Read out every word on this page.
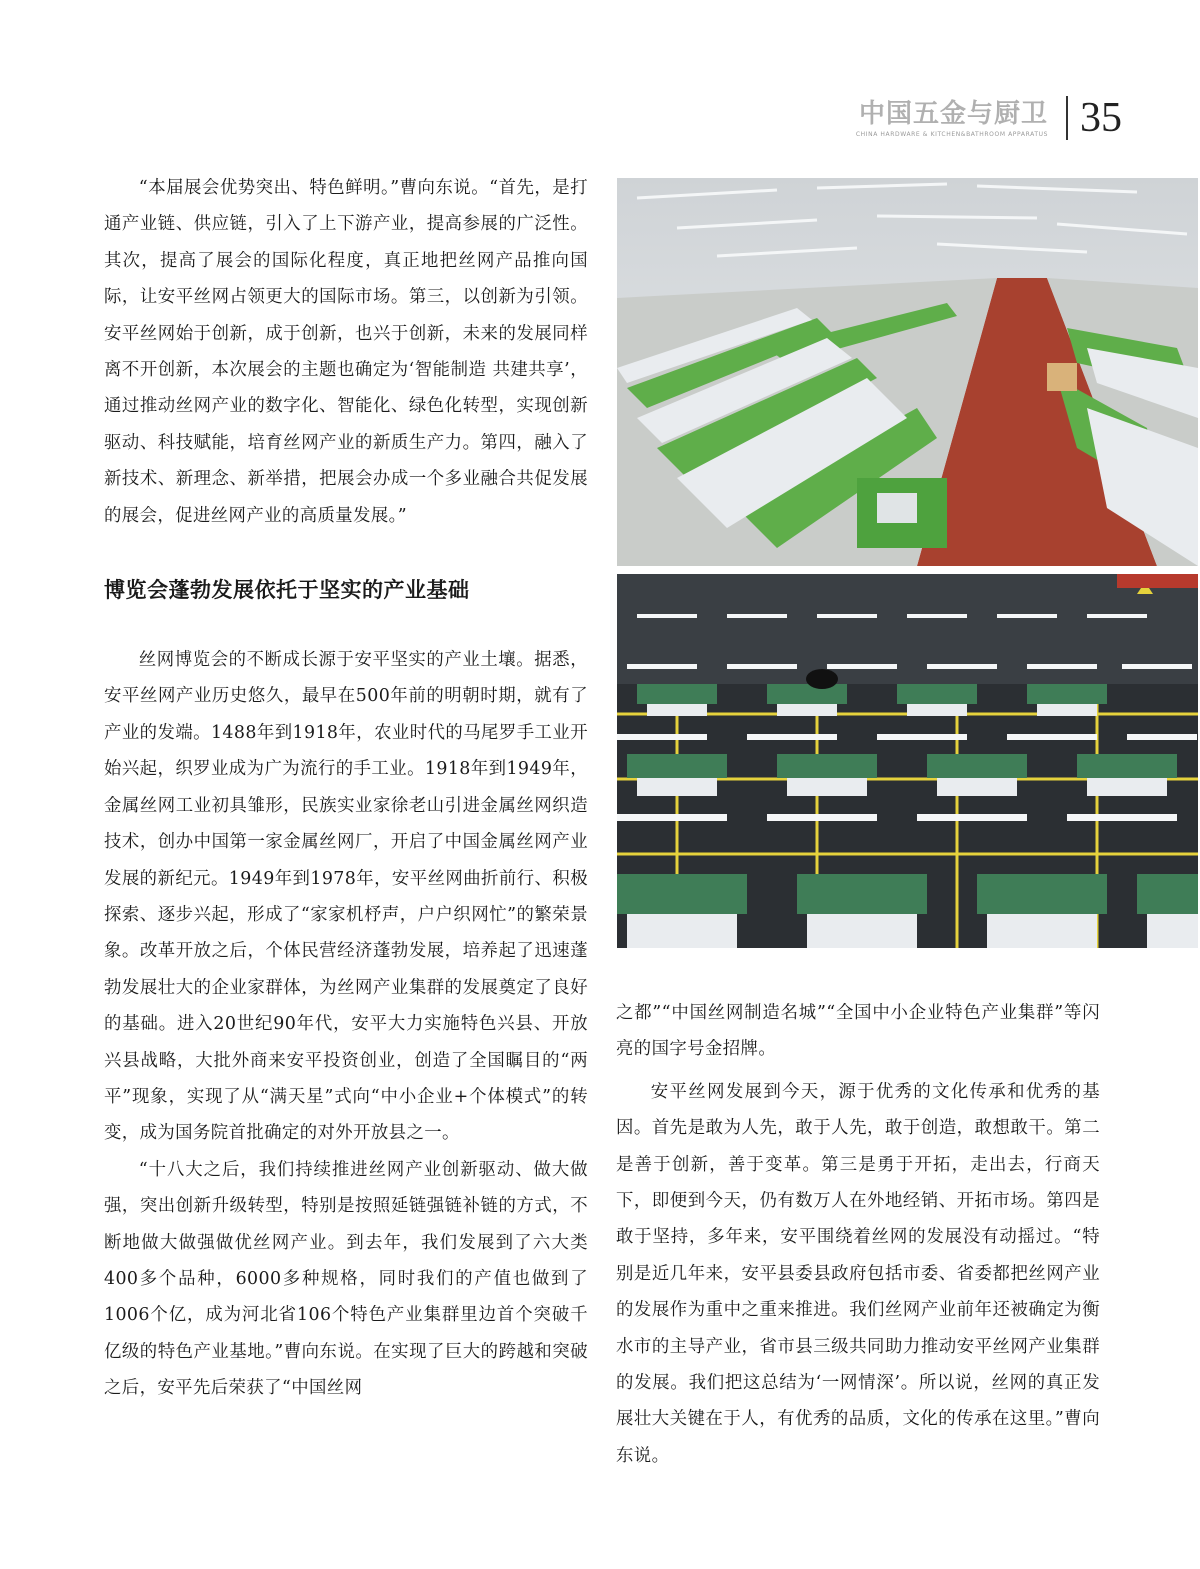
中国五金与厨卫
CHINA HARDWARE & KITCHEN&BATHROOM APPARATUS 35

“本届展会优势突出、特色鲜明。”曹向东说。“首先，是打通产业链、供应链，引入了上下游产业，提高参展的广泛性。其次，提高了展会的国际化程度，真正地把丝网产品推向国际，让安平丝网占领更大的国际市场。第三，以创新为引领。安平丝网始于创新，成于创新，也兴于创新，未来的发展同样离不开创新，本次展会的主题也确定为‘智能制造 共建共享’，通过推动丝网产业的数字化、智能化、绿色化转型，实现创新驱动、科技赋能，培育丝网产业的新质生产力。第四，融入了新技术、新理念、新举措，把展会办成一个多业融合共促发展的展会，促进丝网产业的高质量发展。”

博览会蓬勃发展依托于坚实的产业基础

丝网博览会的不断成长源于安平坚实的产业土壤。据悉，安平丝网产业历史悠久，最早在500年前的明朝时期，就有了产业的发端。1488年到1918年，农业时代的马尾罗手工业开始兴起，织罗业成为广为流行的手工业。1918年到1949年，金属丝网工业初具雏形，民族实业家徐老山引进金属丝网织造技术，创办中国第一家金属丝网厂，开启了中国金属丝网产业发展的新纪元。1949年到1978年，安平丝网曲折前行、积极探索、逐步兴起，形成了“家家机杼声，户户织网忙”的繁荣景象。改革开放之后，个体民营经济蓬勃发展，培养起了迅速蓬勃发展壮大的企业家群体，为丝网产业集群的发展奠定了良好的基础。进入20世纪90年代，安平大力实施特色兴县、开放兴县战略，大批外商来安平投资创业，创造了全国瞩目的“两平”现象，实现了从“满天星”式向“中小企业+个体模式”的转变，成为国务院首批确定的对外开放县之一。

“十八大之后，我们持续推进丝网产业创新驱动、做大做强，突出创新升级转型，特别是按照延链强链补链的方式，不断地做大做强做优丝网产业。到去年，我们发展到了六大类400多个品种，6000多种规格，同时我们的产值也做到了1006个亿，成为河北省106个特色产业集群里边首个突破千亿级的特色产业基地。”曹向东说。在实现了巨大的跨越和突破之后，安平先后荣获了“中国丝网

之都”“中国丝网制造名城”“全国中小企业特色产业集群”等闪亮的国字号金招牌。

安平丝网发展到今天，源于优秀的文化传承和优秀的基因。首先是敢为人先，敢于人先，敢于创造，敢想敢干。第二是善于创新，善于变革。第三是勇于开拓，走出去，行商天下，即便到今天，仍有数万人在外地经销、开拓市场。第四是敢于坚持，多年来，安平围绕着丝网的发展没有动摇过。“特别是近几年来，安平县委县政府包括市委、省委都把丝网产业的发展作为重中之重来推进。我们丝网产业前年还被确定为衡水市的主导产业，省市县三级共同助力推动安平丝网产业集群的发展。我们把这总结为‘一网情深’。所以说，丝网的真正发展壮大关键在于人，有优秀的品质，文化的传承在这里。”曹向东说。
